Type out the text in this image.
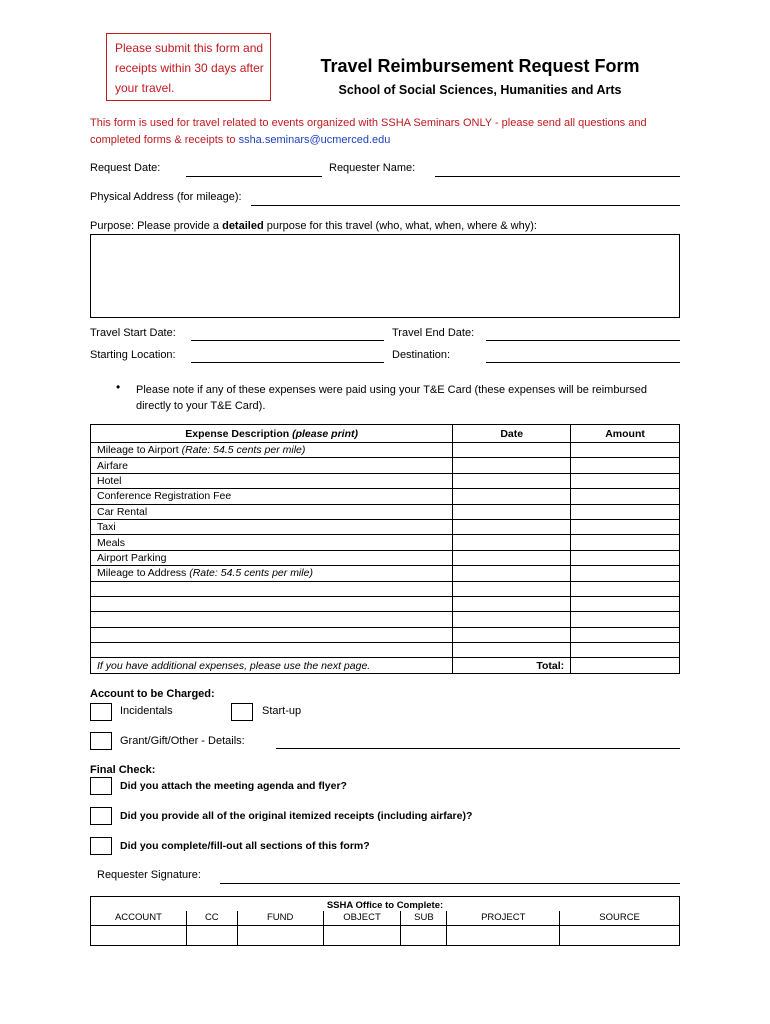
Please submit this form and receipts within 30 days after your travel.
Travel Reimbursement Request Form
School of Social Sciences, Humanities and Arts
This form is used for travel related to events organized with SSHA Seminars ONLY - please send all questions and completed forms & receipts to ssha.seminars@ucmerced.edu
Request Date:	Requester Name:
Physical Address (for mileage):
Purpose: Please provide a detailed purpose for this travel (who, what, when, where & why):
Travel Start Date:	Travel End Date:
Starting Location:	Destination:
• Please note if any of these expenses were paid using your T&E Card (these expenses will be reimbursed directly to your T&E Card).
Expense Description (please print)	Date	Amount
Mileage to Airport (Rate: 54.5 cents per mile)		
Airfare		
Hotel		
Conference Registration Fee		
Car Rental		
Taxi		
Meals		
Airport Parking		
Mileage to Address (Rate: 54.5 cents per mile)		

If you have additional expenses, please use the next page.	Total:	
Account to be Charged:
Incidentals	Start-up
Grant/Gift/Other - Details:
Final Check:
Did you attach the meeting agenda and flyer?
Did you provide all of the original itemized receipts (including airfare)?
Did you complete/fill-out all sections of this form?
Requester Signature:
SSHA Office to Complete:						
ACCOUNT	CC	FUND	OBJECT	SUB	PROJECT	SOURCE
